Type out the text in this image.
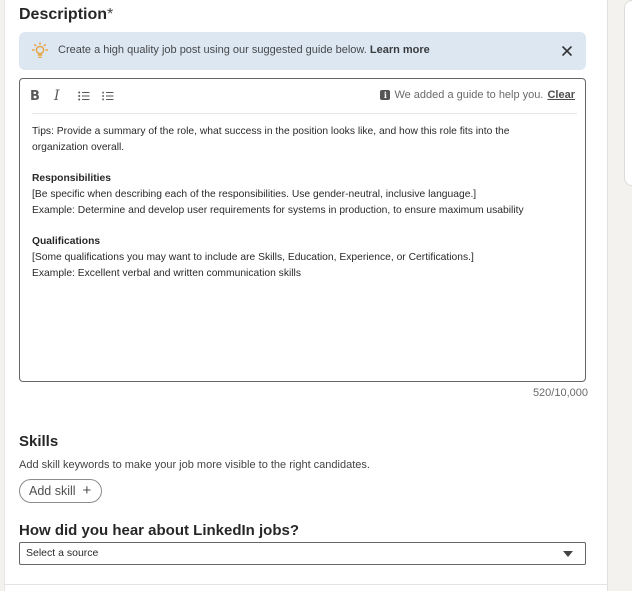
Description*
Create a high quality job post using our suggested guide below. Learn more
B	I	i We added a guide to help you. Clear
Tips: Provide a summary of the role, what success in the position looks like, and how this role fits into the organization overall.
Responsibilities
[Be specific when describing each of the responsibilities. Use gender-neutral, inclusive language.]
Example: Determine and develop user requirements for systems in production, to ensure maximum usability
Qualifications
[Some qualifications you may want to include are Skills, Education, Experience, or Certifications.]
Example: Excellent verbal and written communication skills
520/10,000
Skills
Add skill keywords to make your job more visible to the right candidates.
Add skill +
How did you hear about LinkedIn jobs?
Select a source
